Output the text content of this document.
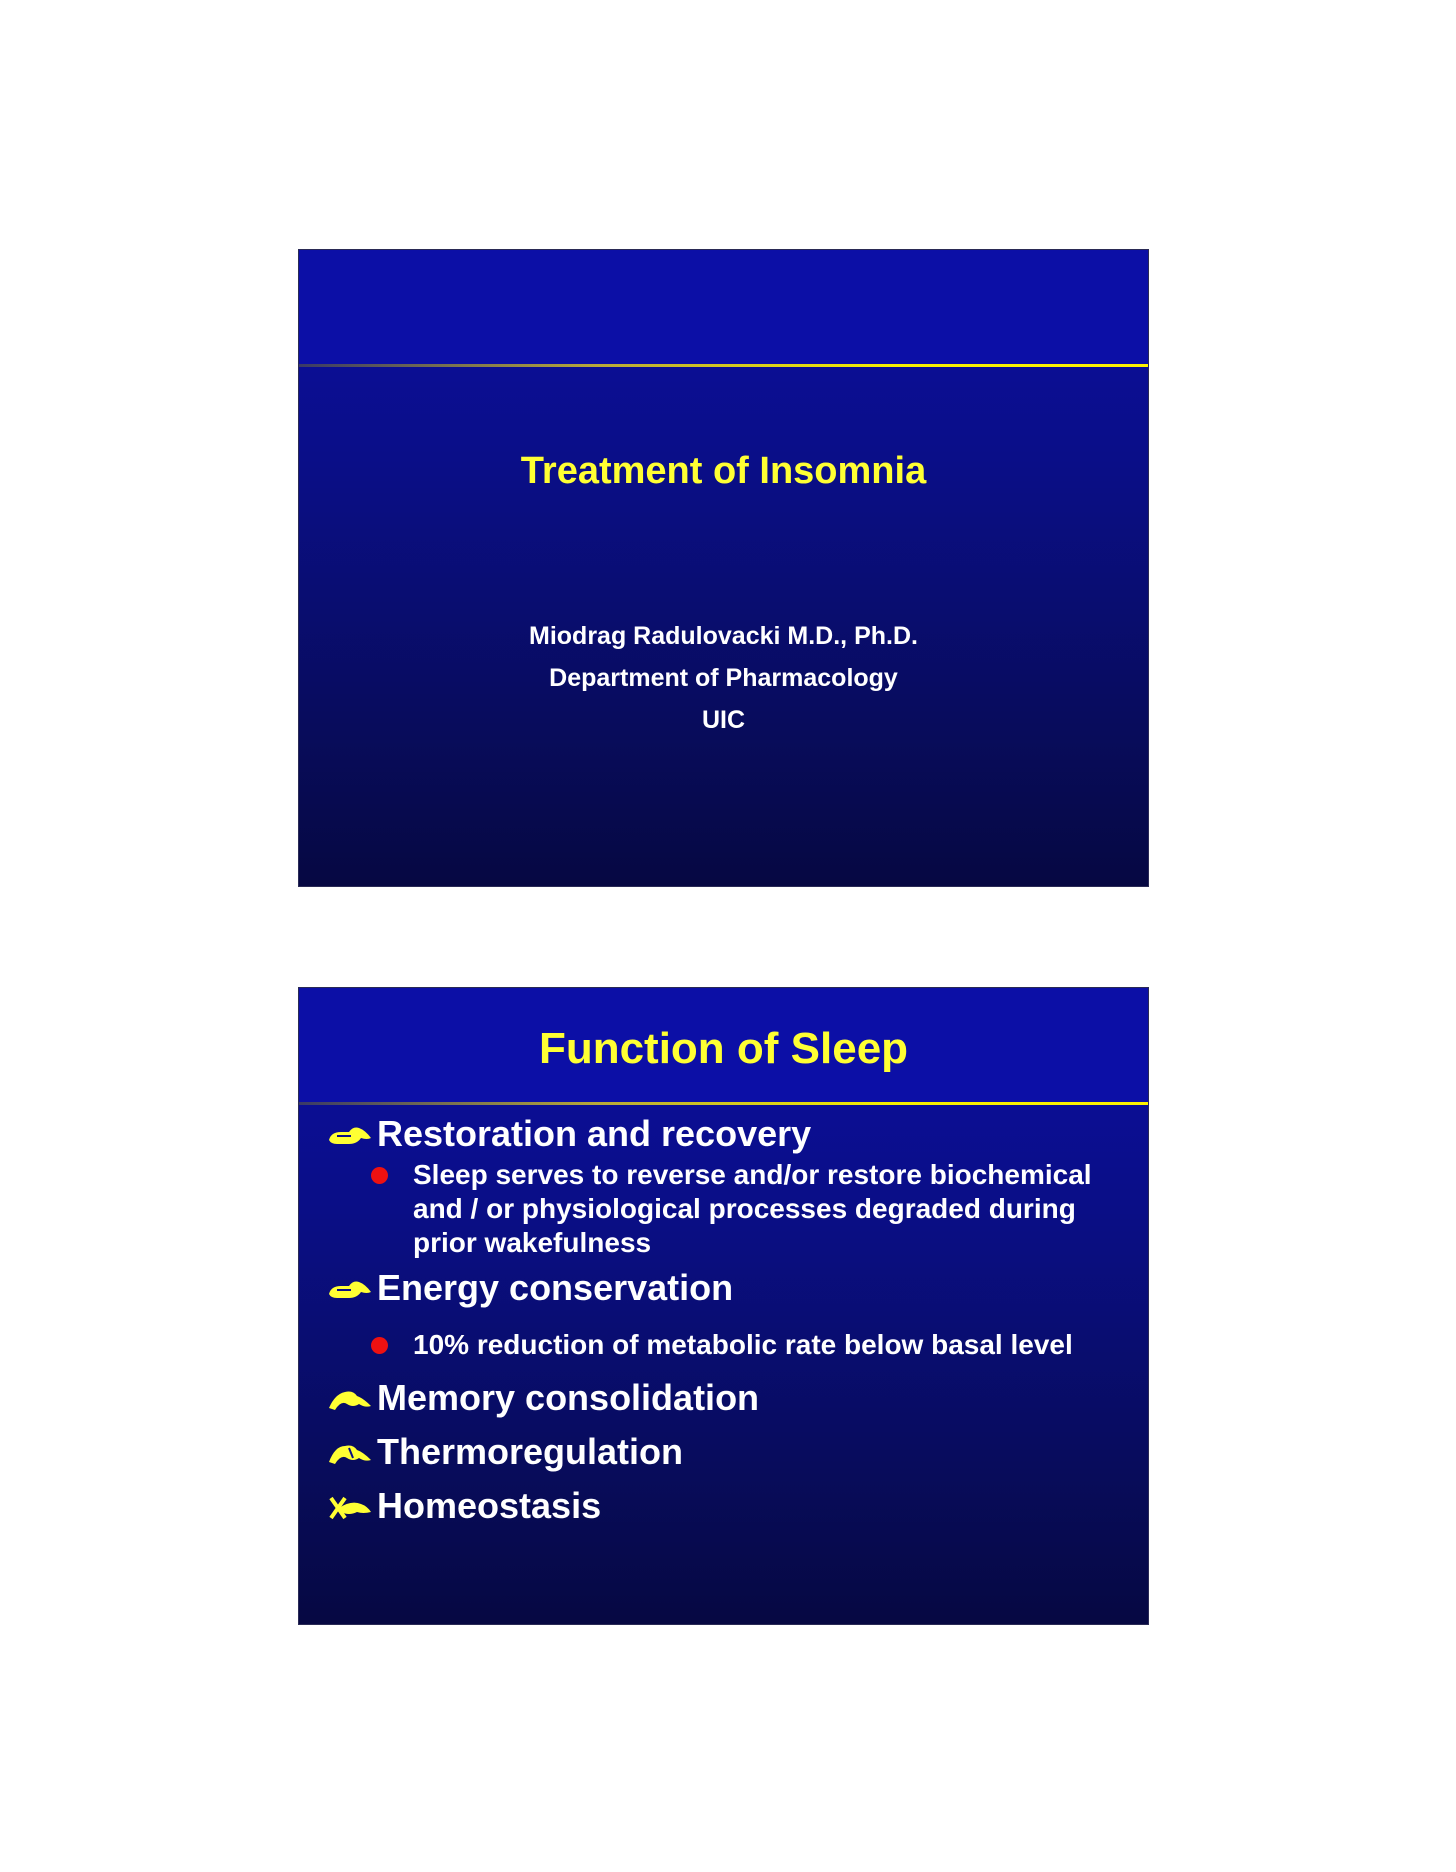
Treatment of Insomnia
Miodrag Radulovacki M.D., Ph.D.
Department of Pharmacology
UIC
Function of Sleep
Restoration and recovery
Sleep serves to reverse and/or restore biochemical and / or physiological processes degraded during prior wakefulness
Energy conservation
10% reduction of metabolic rate below basal level
Memory consolidation
Thermoregulation
Homeostasis
